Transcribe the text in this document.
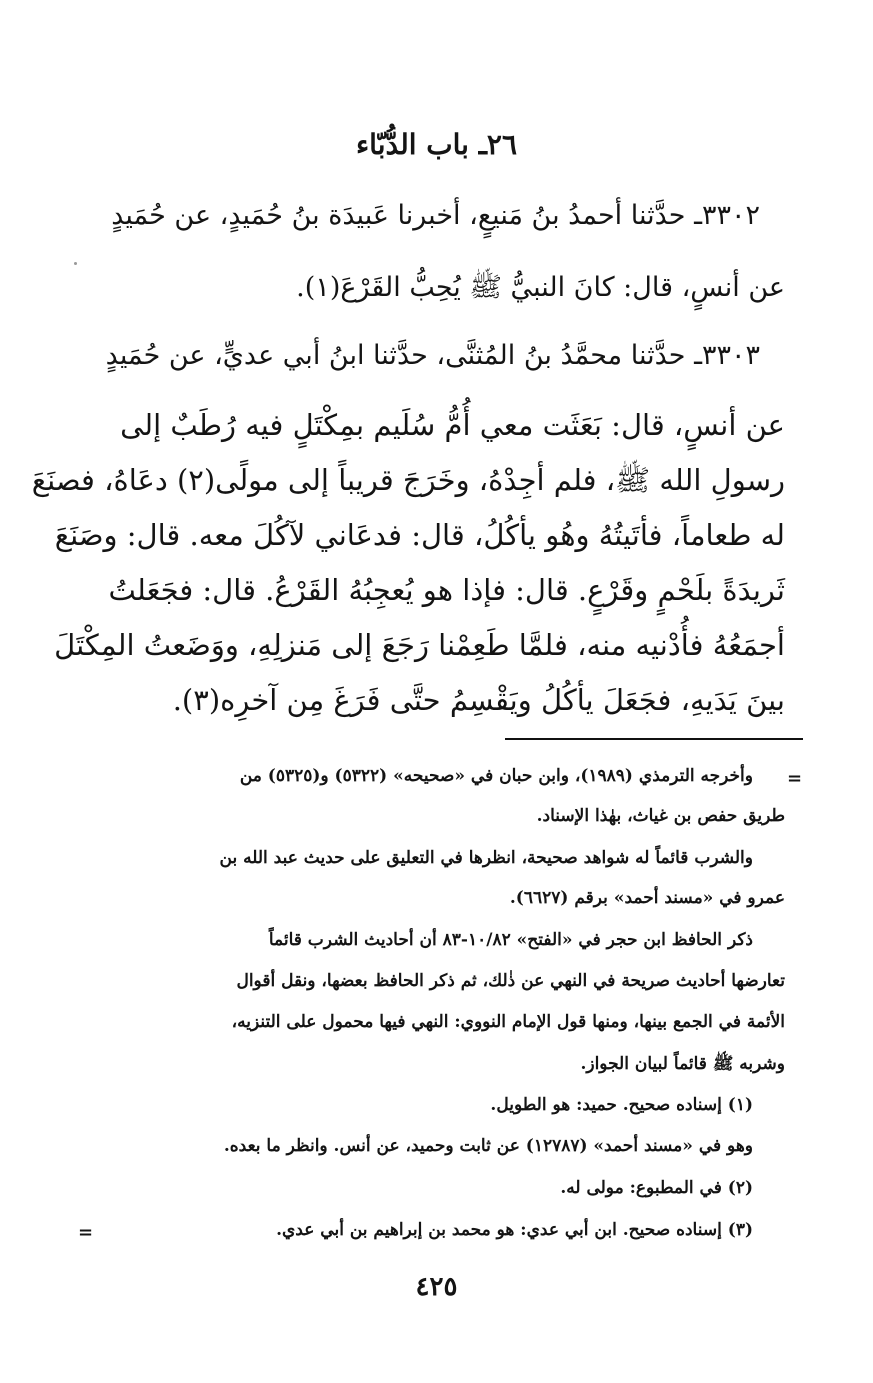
٢٦ـ باب الدُّبّاء
٣٣٠٢ـ حدَّثنا أحمدُ بنُ مَنيعٍ، أخبرنا عَبيدَة بنُ حُمَيدٍ، عن حُمَيدٍ
عن أنسٍ، قال: كانَ النبيُّ ﷺ يُحِبُّ القَرْعَ(١).
٣٣٠٣ـ حدَّثنا محمَّدُ بنُ المُثنَّى، حدَّثنا ابنُ أبي عديٍّ، عن حُمَيدٍ
عن أنسٍ، قال: بَعَثَت معي أُمُّ سُلَيم بمِكْتَلٍ فيه رُطَبٌ إلى
رسولِ الله ﷺ، فلم أجِدْهُ، وخَرَجَ قريباً إلى مولًى(٢) دعَاهُ، فصنَعَ
له طعاماً، فأتَيتُهُ وهُو يأكُلُ، قال: فدعَاني لآكُلَ معه. قال: وصَنَعَ
ثَريدَةً بلَحْمٍ وقَرْعٍ. قال: فإذا هو يُعجِبُهُ القَرْعُ. قال: فجَعَلتُ
أجمَعُهُ فأُدْنيه منه، فلمَّا طَعِمْنا رَجَعَ إلى مَنزلِهِ، ووَضَعتُ المِكْتَلَ
بينَ يَدَيهِ، فجَعَلَ يأكُلُ ويَقْسِمُ حتَّى فَرَغَ مِن آخرِه(٣).
=
وأخرجه الترمذي (١٩٨٩)، وابن حبان في «صحيحه» (٥٣٢٢) و(٥٣٢٥) من
طريق حفص بن غياث، بهٰذا الإسناد.
والشرب قائماً له شواهد صحيحة، انظرها في التعليق على حديث عبد الله بن
عمرو في «مسند أحمد» برقم (٦٦٢٧).
ذكر الحافظ ابن حجر في «الفتح» ١٠/٨٢-٨٣ أن أحاديث الشرب قائماً
تعارضها أحاديث صريحة في النهي عن ذٰلك، ثم ذكر الحافظ بعضها، ونقل أقوال
الأئمة في الجمع بينها، ومنها قول الإمام النووي: النهي فيها محمول على التنزيه،
وشربه ﷺ قائماً لبيان الجواز.
(١) إسناده صحيح. حميد: هو الطويل.
وهو في «مسند أحمد» (١٢٧٨٧) عن ثابت وحميد، عن أنس. وانظر ما بعده.
(٢) في المطبوع: مولى له.
(٣) إسناده صحيح. ابن أبي عدي: هو محمد بن إبراهيم بن أبي عدي.
=
٤٢٥
